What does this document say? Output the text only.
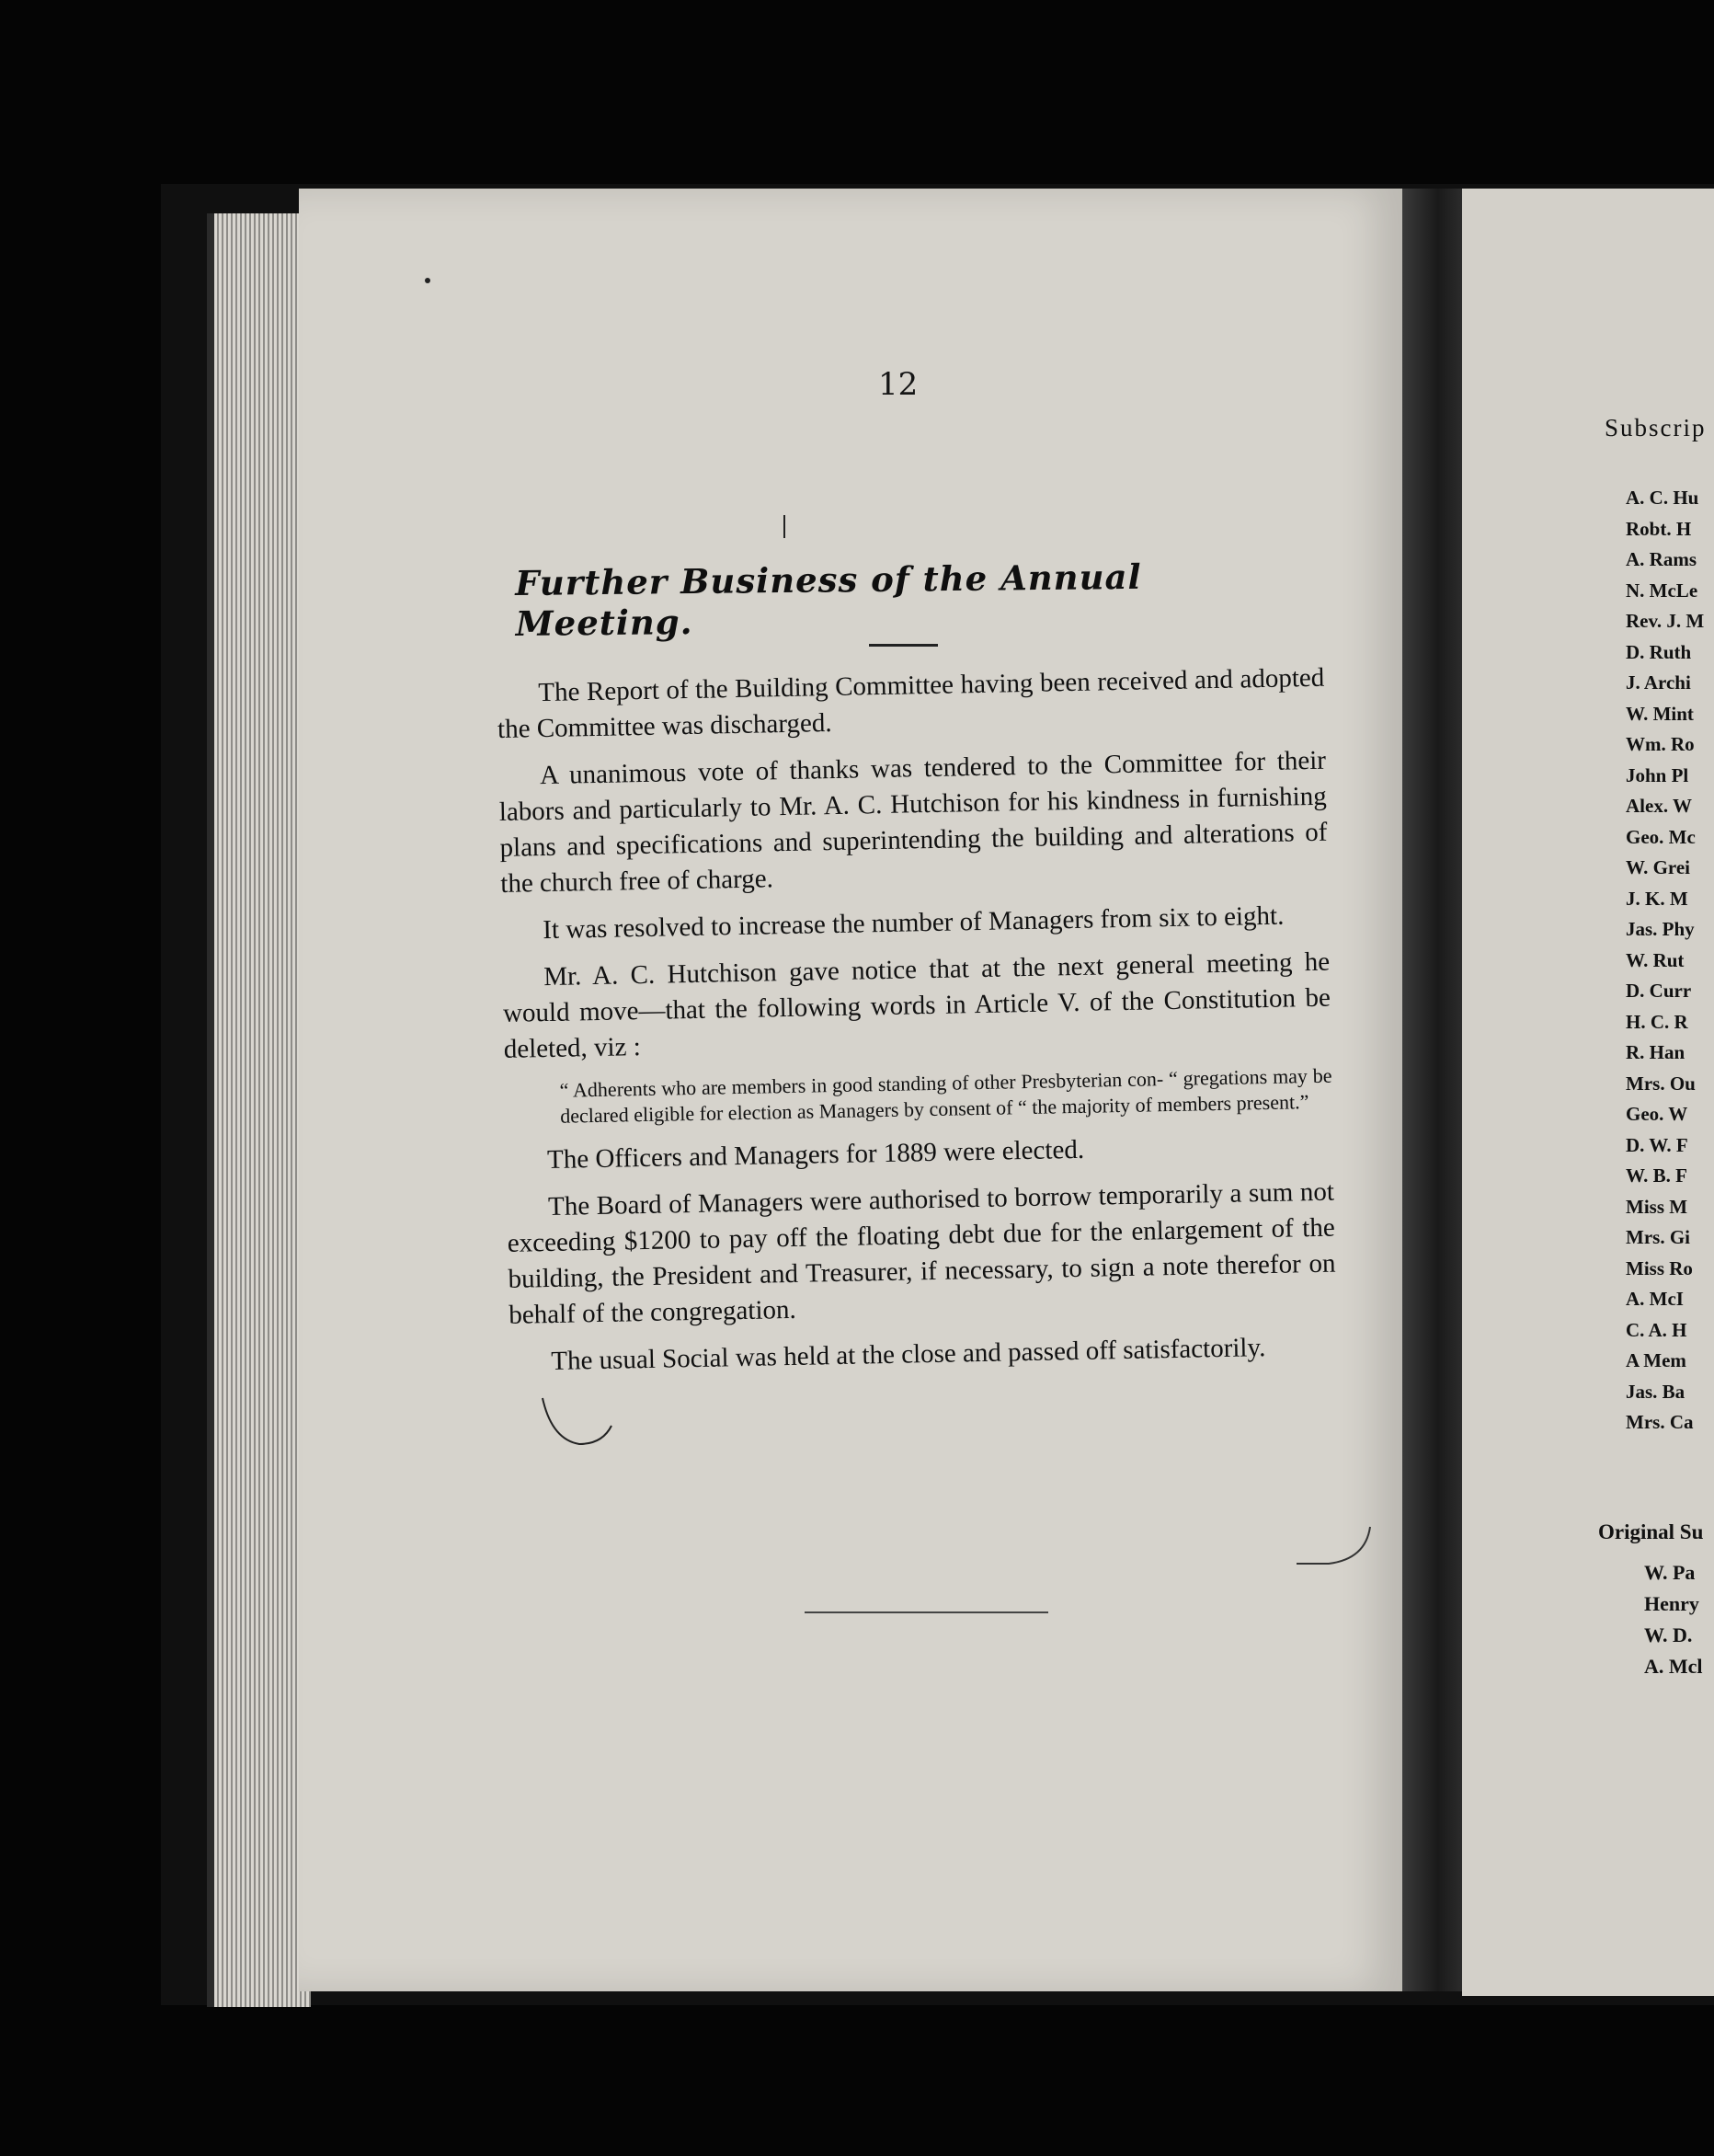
12
Further Business of the Annual Meeting.

The Report of the Building Committee having been received and adopted the Committee was discharged.

A unanimous vote of thanks was tendered to the Committee for their labors and particularly to Mr. A. C. Hutchison for his kindness in furnishing plans and specifications and superintending the building and alterations of the church free of charge.

It was resolved to increase the number of Managers from six to eight.

Mr. A. C. Hutchison gave notice that at the next general meeting he would move—that the following words in Article V. of the Constitution be deleted, viz :

“ Adherents who are members in good standing of other Presbyterian con- “ gregations may be declared eligible for election as Managers by consent of “ the majority of members present.”

The Officers and Managers for 1889 were elected.

The Board of Managers were authorised to borrow temporarily a sum not exceeding $1200 to pay off the floating debt due for the enlargement of the building, the President and Treasurer, if necessary, to sign a note therefor on behalf of the congregation.

The usual Social was held at the close and passed off satisfactorily.

Subscrip
A. C. Hu
Robt. H
A. Rams
N. McLe
Rev. J. M
D. Ruth
J. Archi
W. Mint
Wm. Ro
John Pl
Alex. W
Geo. Mc
W. Grei
J. K. M
Jas. Phy
W. Rut
D. Curr
H. C. R
R. Han
Mrs. Ou
Geo. W
D. W. F
W. B. F
Miss M
Mrs. Gi
Miss Ro
A. McI
C. A. H
A Mem
Jas. Ba
Mrs. Ca
Original Su
W. Pa
Henry
W. D.
A. Mcl
